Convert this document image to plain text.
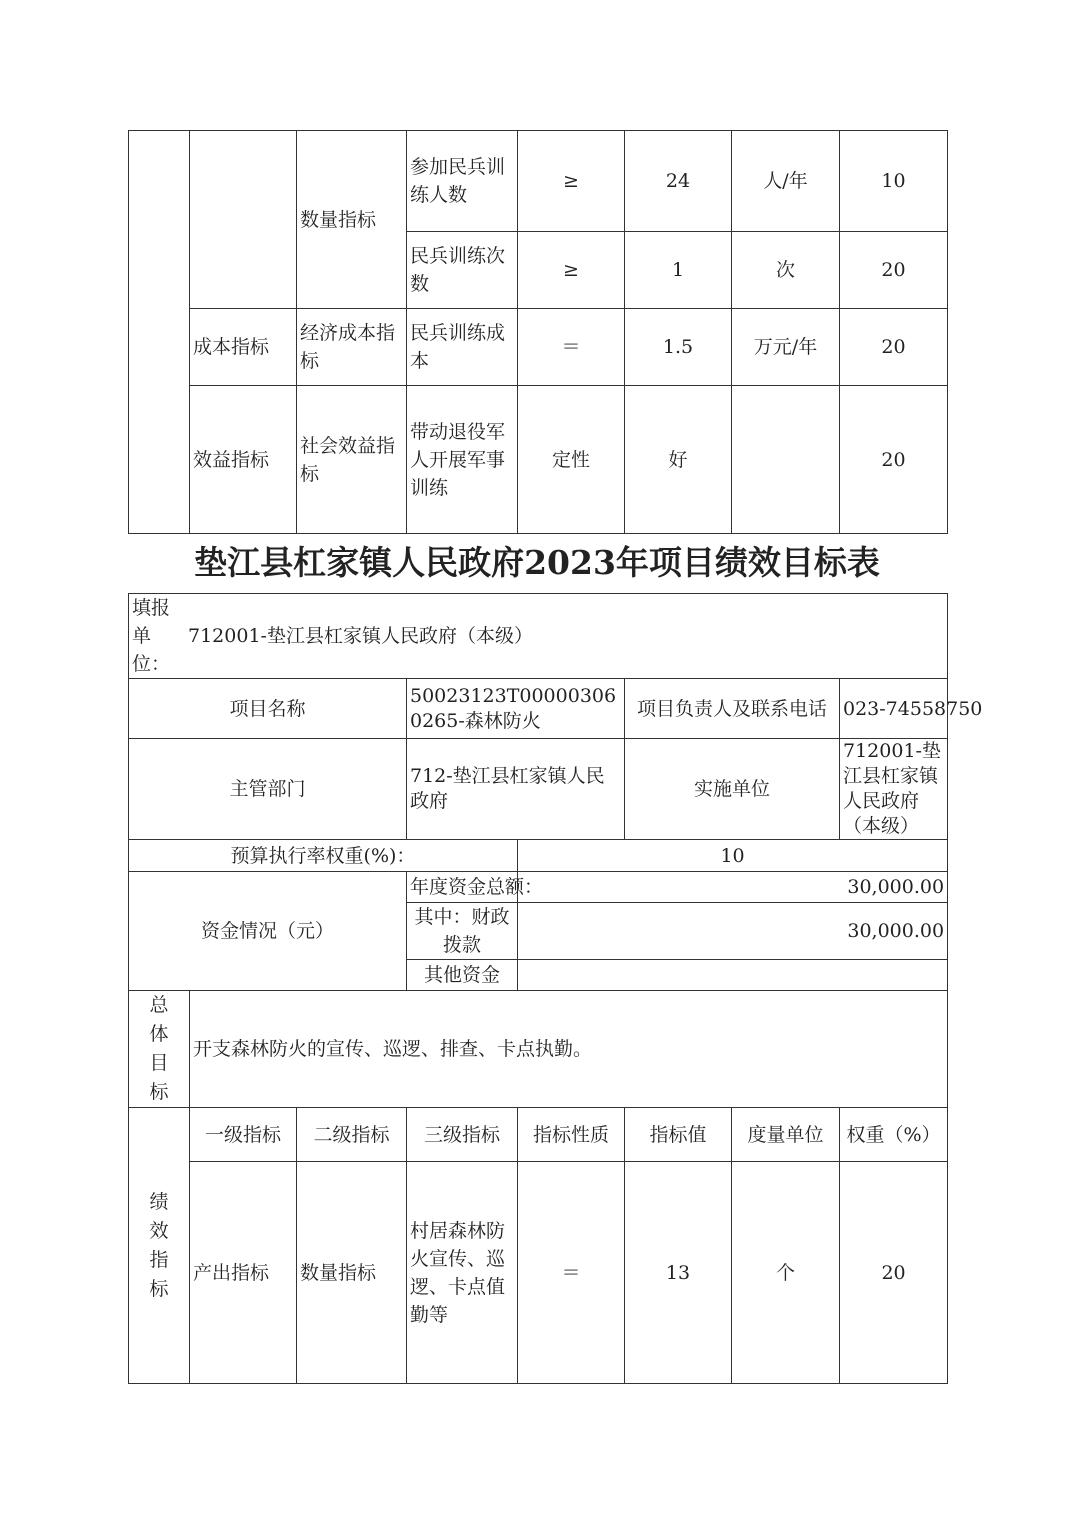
		数量指标	参加民兵训练人数	≥	24	人/年	10
			民兵训练次数	≥	1	次	20
	成本指标	经济成本指标	民兵训练成本	＝	1.5	万元/年	20
	效益指标	社会效益指标	带动退役军人开展军事训练	定性	好		20
垫江县杠家镇人民政府2023年项目绩效目标表
填报单位：712001-垫江县杠家镇人民政府（本级）							
项目名称			50023123T000003060265-森林防火		项目负责人及联系电话		023-74558750
主管部门			712-垫江县杠家镇人民政府		实施单位		712001-垫江县杠家镇人民政府（本级）
预算执行率权重(%)：				10			
资金情况（元）			年度资金总额：	30,000.00			
			其中：财政拨款	30,000.00			
			其他资金				

总
体
目
标	开支森林防火的宣传、巡逻、排查、卡点执勤。						

绩
效
指
标	一级指标	二级指标	三级指标	指标性质	指标值	度量单位	权重（%）
	产出指标	数量指标	村居森林防火宣传、巡逻、卡点值勤等	＝	13	个	20
